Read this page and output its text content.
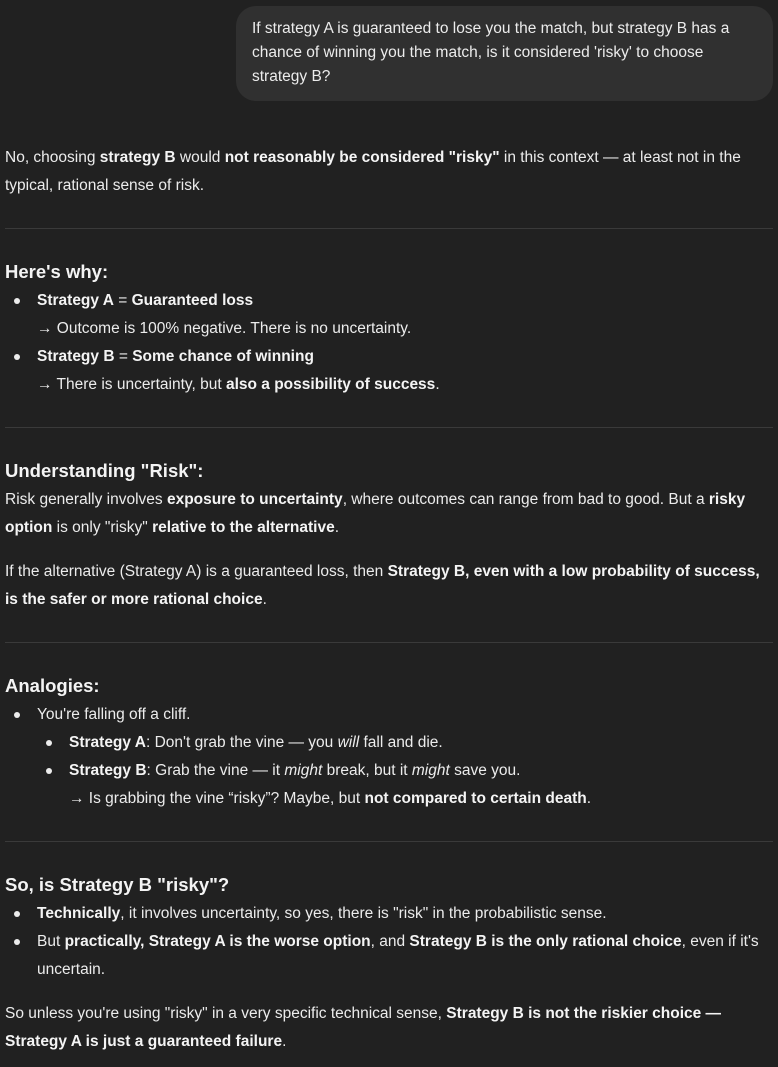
If strategy A is guaranteed to lose you the match, but strategy B has a chance of winning you the match, is it considered 'risky' to choose strategy B?

No, choosing strategy B would not reasonably be considered "risky" in this context — at least not in the typical, rational sense of risk.

Here's why:
Strategy A = Guaranteed loss
→ Outcome is 100% negative. There is no uncertainty.
Strategy B = Some chance of winning
→ There is uncertainty, but also a possibility of success.
Understanding "Risk":

Risk generally involves exposure to uncertainty, where outcomes can range from bad to good. But a risky option is only "risky" relative to the alternative.

If the alternative (Strategy A) is a guaranteed loss, then Strategy B, even with a low probability of success, is the safer or more rational choice.

Analogies:
You're falling off a cliff.
Strategy A: Don't grab the vine — you will fall and die.
Strategy B: Grab the vine — it might break, but it might save you.
→ Is grabbing the vine “risky”? Maybe, but not compared to certain death.
So, is Strategy B "risky"?
Technically, it involves uncertainty, so yes, there is "risk" in the probabilistic sense.
But practically, Strategy A is the worse option, and Strategy B is the only rational choice, even if it's uncertain.

So unless you're using "risky" in a very specific technical sense, Strategy B is not the riskier choice — Strategy A is just a guaranteed failure.
